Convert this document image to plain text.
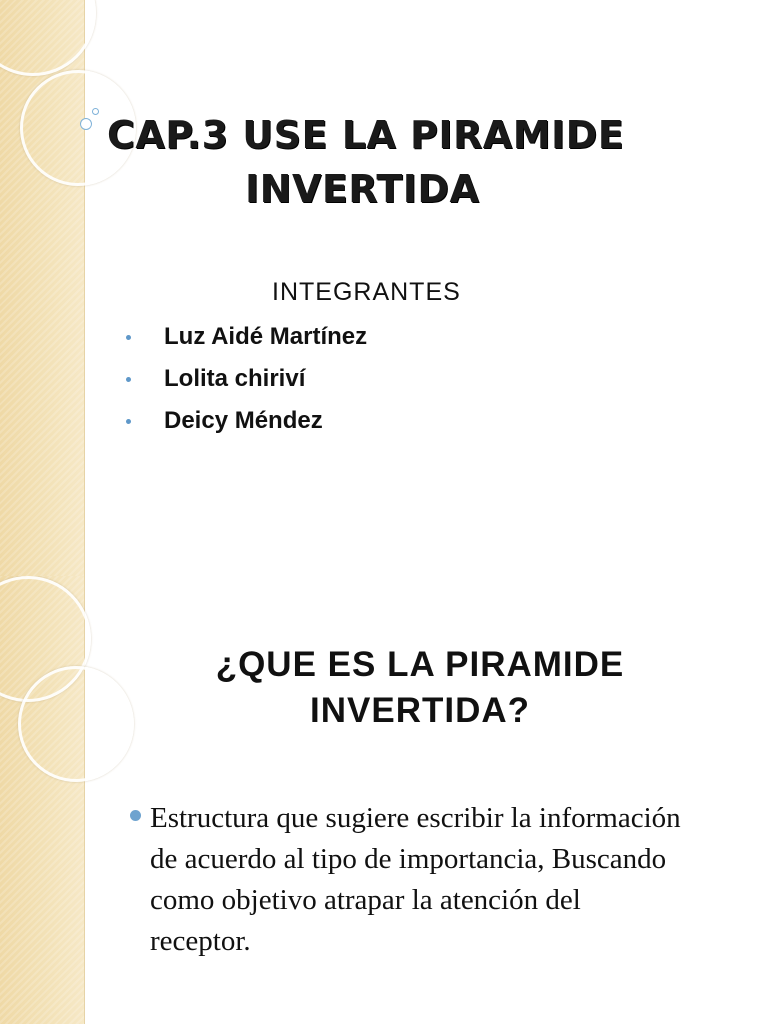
CAP.3 USE LA PIRAMIDE
INVERTIDA
INTEGRANTES
Luz Aidé Martínez
Lolita chiriví
Deicy Méndez
¿QUE ES LA PIRAMIDE
INVERTIDA?
Estructura que sugiere escribir la información de acuerdo al tipo de importancia, Buscando como objetivo atrapar la atención del receptor.
